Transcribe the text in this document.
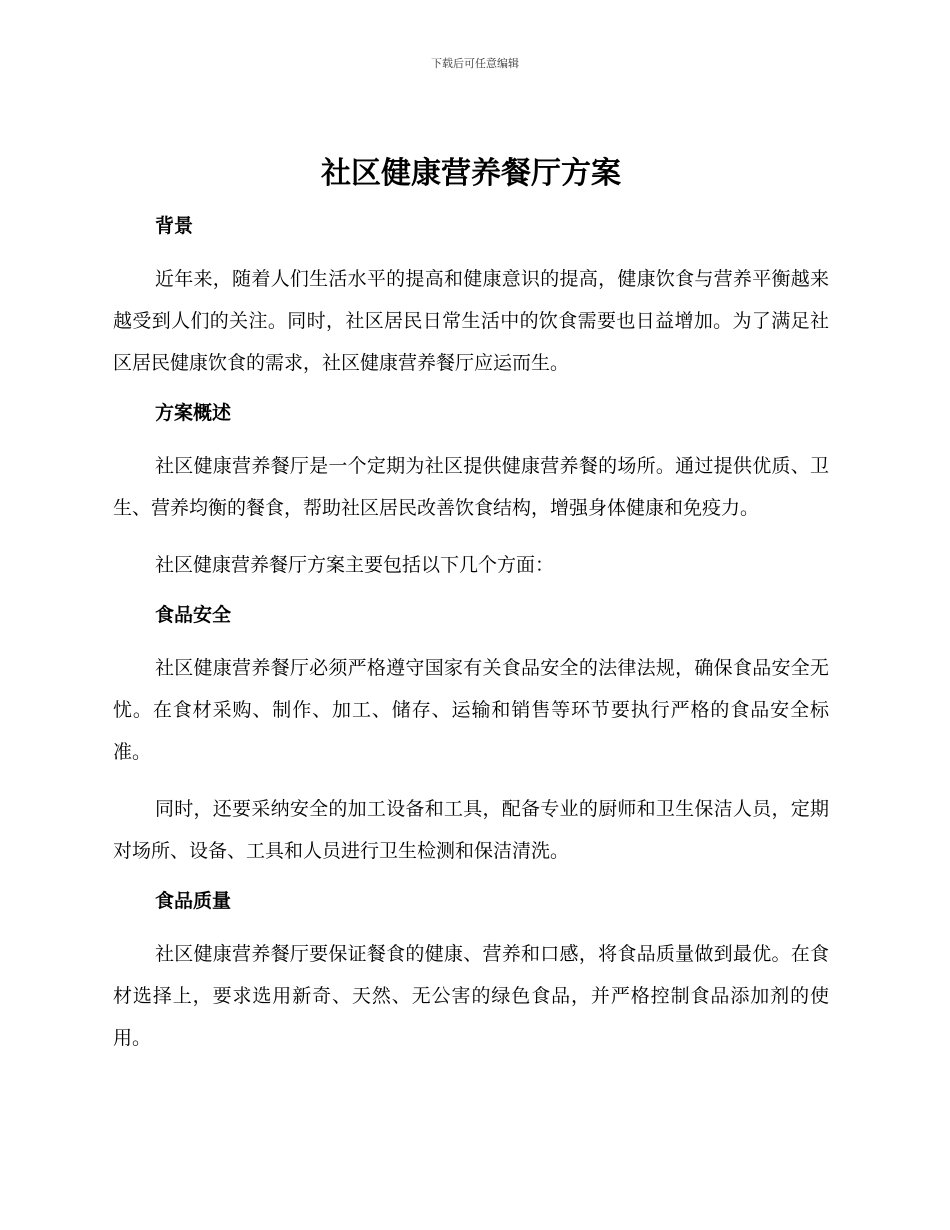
下载后可任意编辑
社区健康营养餐厅方案
背景

近年来，随着人们生活水平的提高和健康意识的提高，健康饮食与营养平衡越来越受到人们的关注。同时，社区居民日常生活中的饮食需要也日益增加。为了满足社区居民健康饮食的需求，社区健康营养餐厅应运而生。

方案概述

社区健康营养餐厅是一个定期为社区提供健康营养餐的场所。通过提供优质、卫生、营养均衡的餐食，帮助社区居民改善饮食结构，增强身体健康和免疫力。

社区健康营养餐厅方案主要包括以下几个方面：

食品安全

社区健康营养餐厅必须严格遵守国家有关食品安全的法律法规，确保食品安全无忧。在食材采购、制作、加工、储存、运输和销售等环节要执行严格的食品安全标准。

同时，还要采纳安全的加工设备和工具，配备专业的厨师和卫生保洁人员，定期对场所、设备、工具和人员进行卫生检测和保洁清洗。

食品质量

社区健康营养餐厅要保证餐食的健康、营养和口感，将食品质量做到最优。在食材选择上，要求选用新奇、天然、无公害的绿色食品，并严格控制食品添加剂的使用。
